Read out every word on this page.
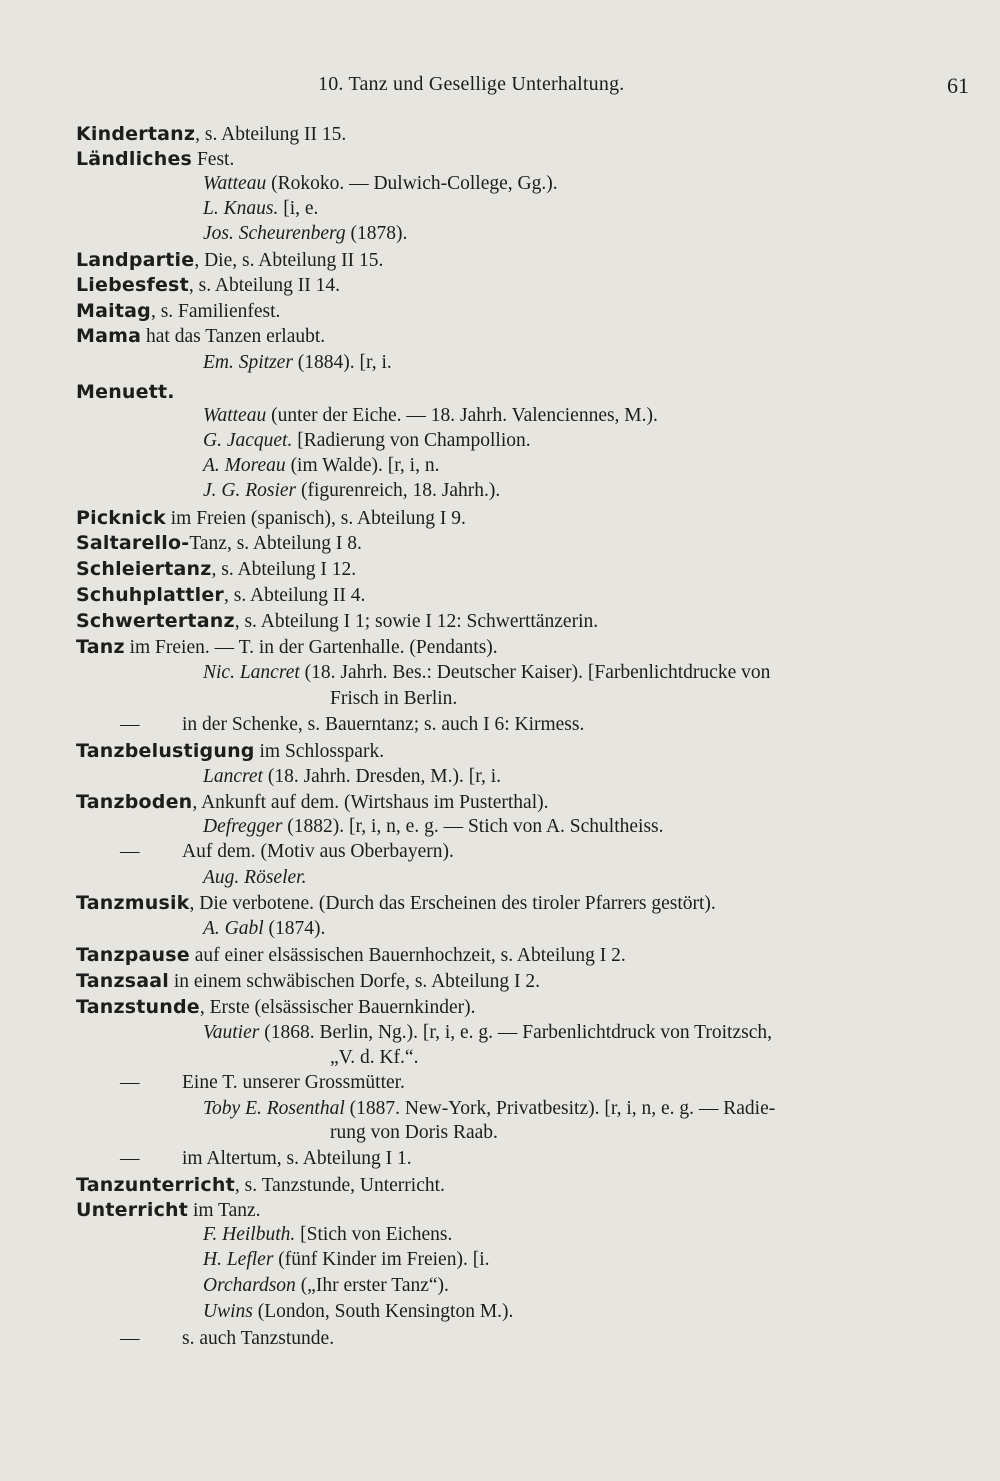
10. Tanz und Gesellige Unterhaltung.	61
Kindertanz, s. Abteilung II 15.
Ländliches Fest.
Watteau (Rokoko. — Dulwich-College, Gg.).
L. Knaus. [i, e.
Jos. Scheurenberg (1878).
Landpartie, Die, s. Abteilung II 15.
Liebesfest, s. Abteilung II 14.
Maitag, s. Familienfest.
Mama hat das Tanzen erlaubt.
Em. Spitzer (1884). [r, i.
Menuett.
Watteau (unter der Eiche. — 18. Jahrh. Valenciennes, M.).
G. Jacquet. [Radierung von Champollion.
A. Moreau (im Walde). [r, i, n.
J. G. Rosier (figurenreich, 18. Jahrh.).
Picknick im Freien (spanisch), s. Abteilung I 9.
Saltarello-Tanz, s. Abteilung I 8.
Schleiertanz, s. Abteilung I 12.
Schuhplattler, s. Abteilung II 4.
Schwertertanz, s. Abteilung I 1; sowie I 12: Schwerttänzerin.
Tanz im Freien. — T. in der Gartenhalle. (Pendants).
Nic. Lancret (18. Jahrh. Bes.: Deutscher Kaiser). [Farbenlichtdrucke von
Frisch in Berlin.
— in der Schenke, s. Bauerntanz; s. auch I 6: Kirmess.
Tanzbelustigung im Schlosspark.
Lancret (18. Jahrh. Dresden, M.). [r, i.
Tanzboden, Ankunft auf dem. (Wirtshaus im Pusterthal).
Defregger (1882). [r, i, n, e. g. — Stich von A. Schultheiss.
— Auf dem. (Motiv aus Oberbayern).
Aug. Röseler.
Tanzmusik, Die verbotene. (Durch das Erscheinen des tiroler Pfarrers gestört).
A. Gabl (1874).
Tanzpause auf einer elsässischen Bauernhochzeit, s. Abteilung I 2.
Tanzsaal in einem schwäbischen Dorfe, s. Abteilung I 2.
Tanzstunde, Erste (elsässischer Bauernkinder).
Vautier (1868. Berlin, Ng.). [r, i, e. g. — Farbenlichtdruck von Troitzsch,
„V. d. Kf.“.
— Eine T. unserer Grossmütter.
Toby E. Rosenthal (1887. New-York, Privatbesitz). [r, i, n, e. g. — Radie-
rung von Doris Raab.
— im Altertum, s. Abteilung I 1.
Tanzunterricht, s. Tanzstunde, Unterricht.
Unterricht im Tanz.
F. Heilbuth. [Stich von Eichens.
H. Lefler (fünf Kinder im Freien). [i.
Orchardson („Ihr erster Tanz“).
Uwins (London, South Kensington M.).
— s. auch Tanzstunde.
